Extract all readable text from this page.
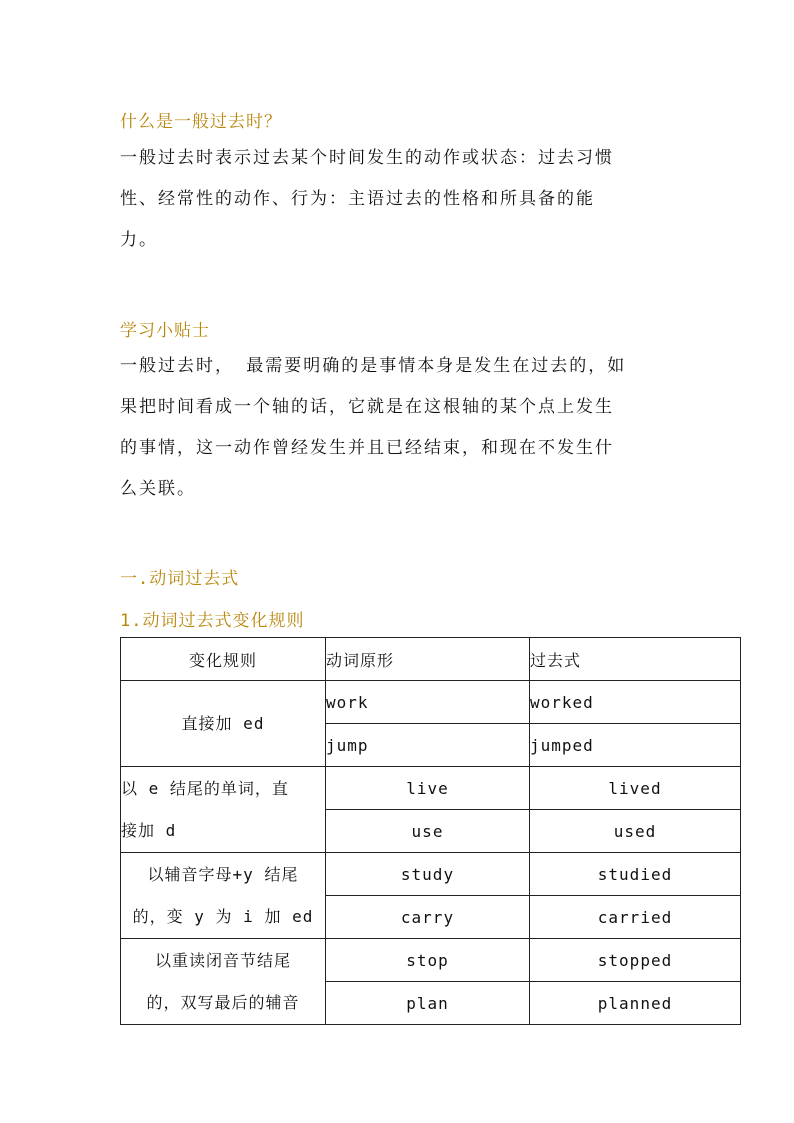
什么是一般过去时？
一般过去时表示过去某个时间发生的动作或状态：过去习惯
性、经常性的动作、行为：主语过去的性格和所具备的能
力。
学习小贴士
一般过去时， 最需要明确的是事情本身是发生在过去的，如
果把时间看成一个轴的话，它就是在这根轴的某个点上发生
的事情，这一动作曾经发生并且已经结束，和现在不发生什
么关联。
一.动词过去式
1.动词过去式变化规则
变化规则	动词原形	过去式

直接加 ed	work	worked
	jump	jumped

以 e 结尾的单词，直
接加 d	live	lived
	use	used

以辅音字母+y 结尾
的，变 y 为 i 加 ed	study	studied
	carry	carried

以重读闭音节结尾
的，双写最后的辅音	stop	stopped
	plan	planned
